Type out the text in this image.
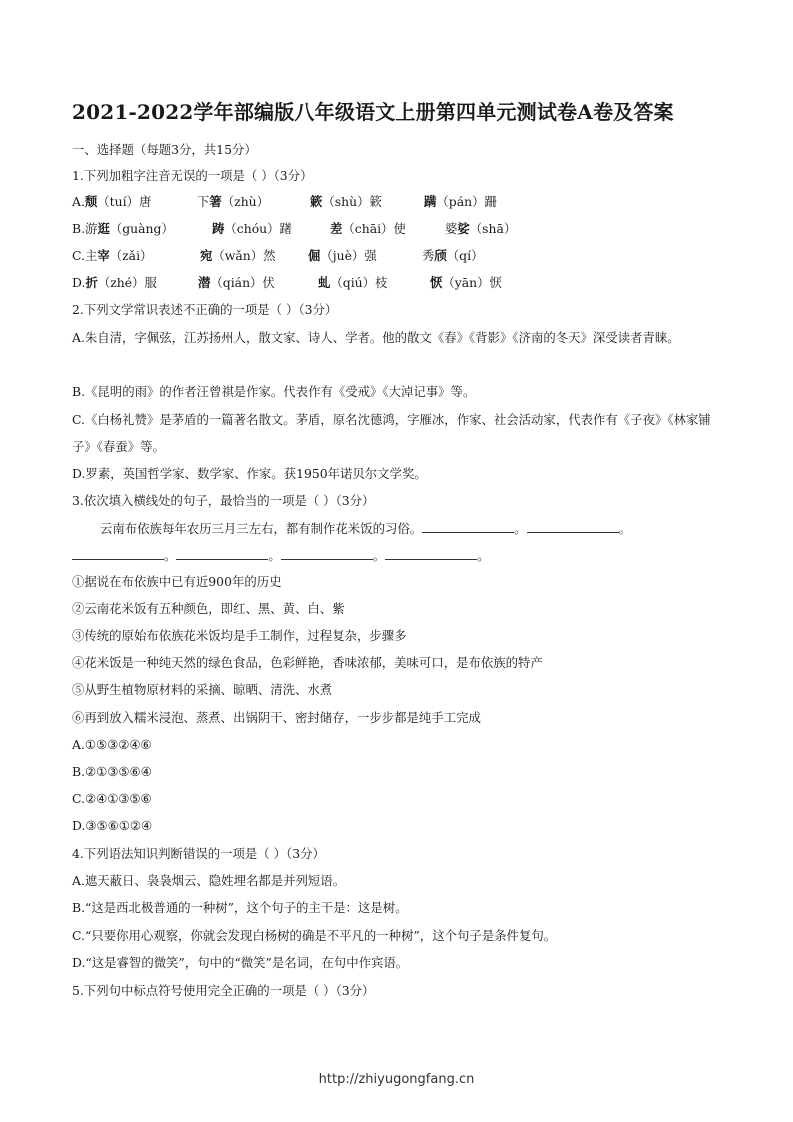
2021-2022学年部编版八年级语文上册第四单元测试卷A卷及答案
一、选择题（每题3分，共15分）
1.下列加粗字注音无误的一项是（ ）（3分）
A.颓（tuí）唐	下箸（zhù）	簌（shù）簌	蹒（pán）跚
B.游逛（guàng）	踌（chóu）躇	差（chāi）使	婆娑（shā）
C.主宰（zǎi）	宛（wǎn）然	倔（juè）强	秀颀（qí）
D.折（zhé）服	潜（qián）伏	虬（qiú）枝	恹（yān）恹
2.下列文学常识表述不正确的一项是（ ）（3分）
A.朱自清，字佩弦，江苏扬州人，散文家、诗人、学者。他的散文《春》《背影》《济南的冬天》深受读者青睐。
B.《昆明的雨》的作者汪曾祺是作家。代表作有《受戒》《大淖记事》等。
C.《白杨礼赞》是茅盾的一篇著名散文。茅盾，原名沈德鸿，字雁冰，作家、社会活动家，代表作有《子夜》《林家铺子》《春蚕》等。
D.罗素，英国哲学家、数学家、作家。获1950年诺贝尔文学奖。
3.依次填入横线处的句子，最恰当的一项是（ ）（3分）
云南布依族每年农历三月三左右，都有制作花米饭的习俗。	。	。
。	。	。	。
①据说在布依族中已有近900年的历史
②云南花米饭有五种颜色，即红、黑、黄、白、紫
③传统的原始布依族花米饭均是手工制作，过程复杂，步骤多
④花米饭是一种纯天然的绿色食品，色彩鲜艳，香味浓郁，美味可口，是布依族的特产
⑤从野生植物原材料的采摘、晾晒、清洗、水煮
⑥再到放入糯米浸泡、蒸煮、出锅阴干、密封储存，一步步都是纯手工完成
A.①⑤③②④⑥
B.②①③⑤⑥④
C.②④①③⑤⑥
D.③⑤⑥①②④
4.下列语法知识判断错误的一项是（ ）（3分）
A.遮天蔽日、袅袅烟云、隐姓埋名都是并列短语。
B.“这是西北极普通的一种树”，这个句子的主干是：这是树。
C.“只要你用心观察，你就会发现白杨树的确是不平凡的一种树”，这个句子是条件复句。
D.“这是睿智的微笑”，句中的“微笑”是名词，在句中作宾语。
5.下列句中标点符号使用完全正确的一项是（ ）（3分）
http://zhiyugongfang.cn
